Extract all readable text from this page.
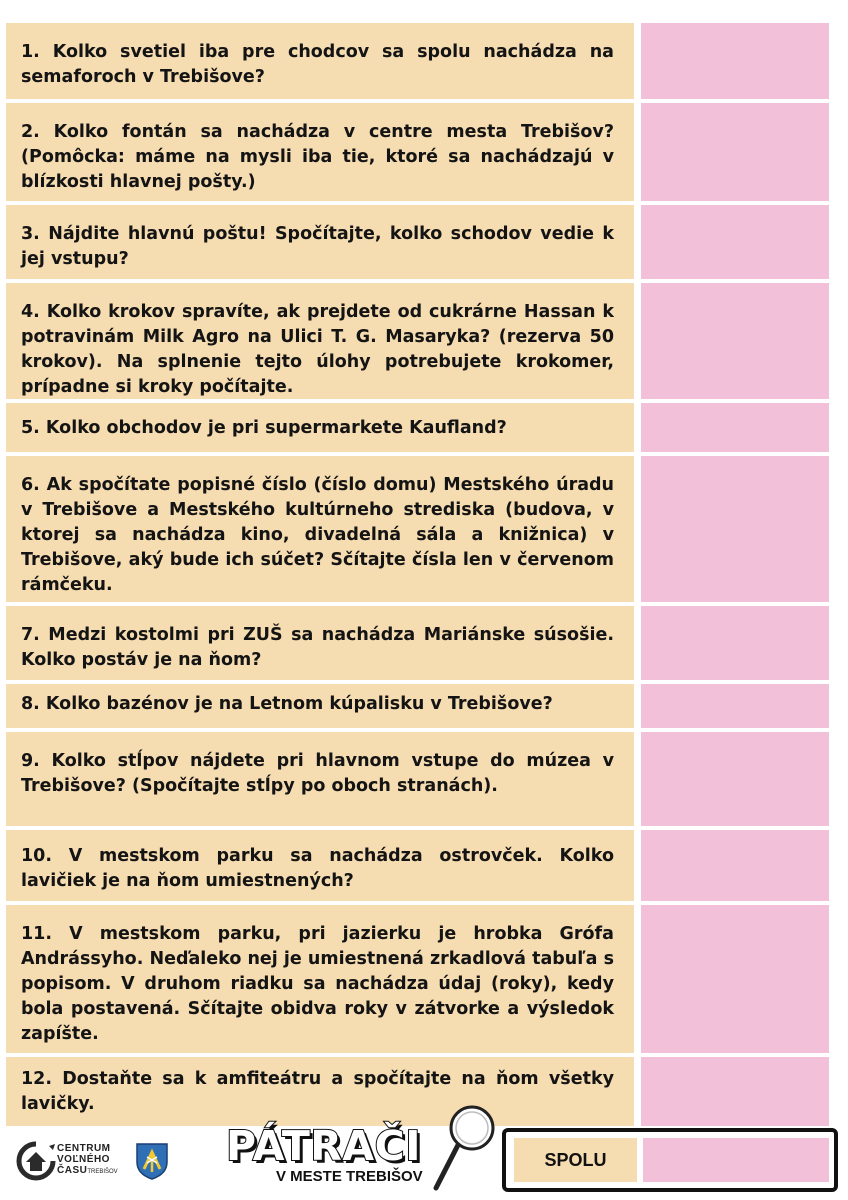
1. Kolko svetiel iba pre chodcov sa spolu nachádza na semaforoch v Trebišove?
2. Kolko fontán sa nachádza v centre mesta Trebišov? (Pomôcka: máme na mysli iba tie, ktoré sa nachádzajú v blízkosti hlavnej pošty.)
3. Nájdite hlavnú poštu! Spočítajte, kolko schodov vedie k jej vstupu?
4. Kolko krokov spravíte, ak prejdete od cukrárne Hassan k potravinám Milk Agro na Ulici T. G. Masaryka? (rezerva 50 krokov). Na splnenie tejto úlohy potrebujete krokomer, prípadne si kroky počítajte.
5. Kolko obchodov je pri supermarkete Kaufland?
6. Ak spočítate popisné číslo (číslo domu) Mestského úradu v Trebišove a Mestského kultúrneho strediska (budova, v ktorej sa nachádza kino, divadelná sála a knižnica) v Trebišove, aký bude ich súčet? Sčítajte čísla len v červenom rámčeku.
7. Medzi kostolmi pri ZUŠ sa nachádza Mariánske súsošie. Kolko postáv je na ňom?
8. Kolko bazénov je na Letnom kúpalisku v Trebišove?
9. Kolko stĺpov nájdete pri hlavnom vstupe do múzea v Trebišove? (Spočítajte stĺpy po oboch stranách).
10. V mestskom parku sa nachádza ostrovček. Kolko lavičiek je na ňom umiestnených?
11. V mestskom parku, pri jazierku je hrobka Grófa Andrássyho. Neďaleko nej je umiestnená zrkadlová tabuľa s popisom. V druhom riadku sa nachádza údaj (roky), kedy bola postavená. Sčítajte obidva roky v zátvorke a výsledok zapíšte.
12. Dostaňte sa k amfiteátru a spočítajte na ňom všetky lavičky.
CENTRUM
VOĽNÉHO
ČASUTREBIŠOV
PÁTRAČI
V MESTE TREBIŠOV
SPOLU
